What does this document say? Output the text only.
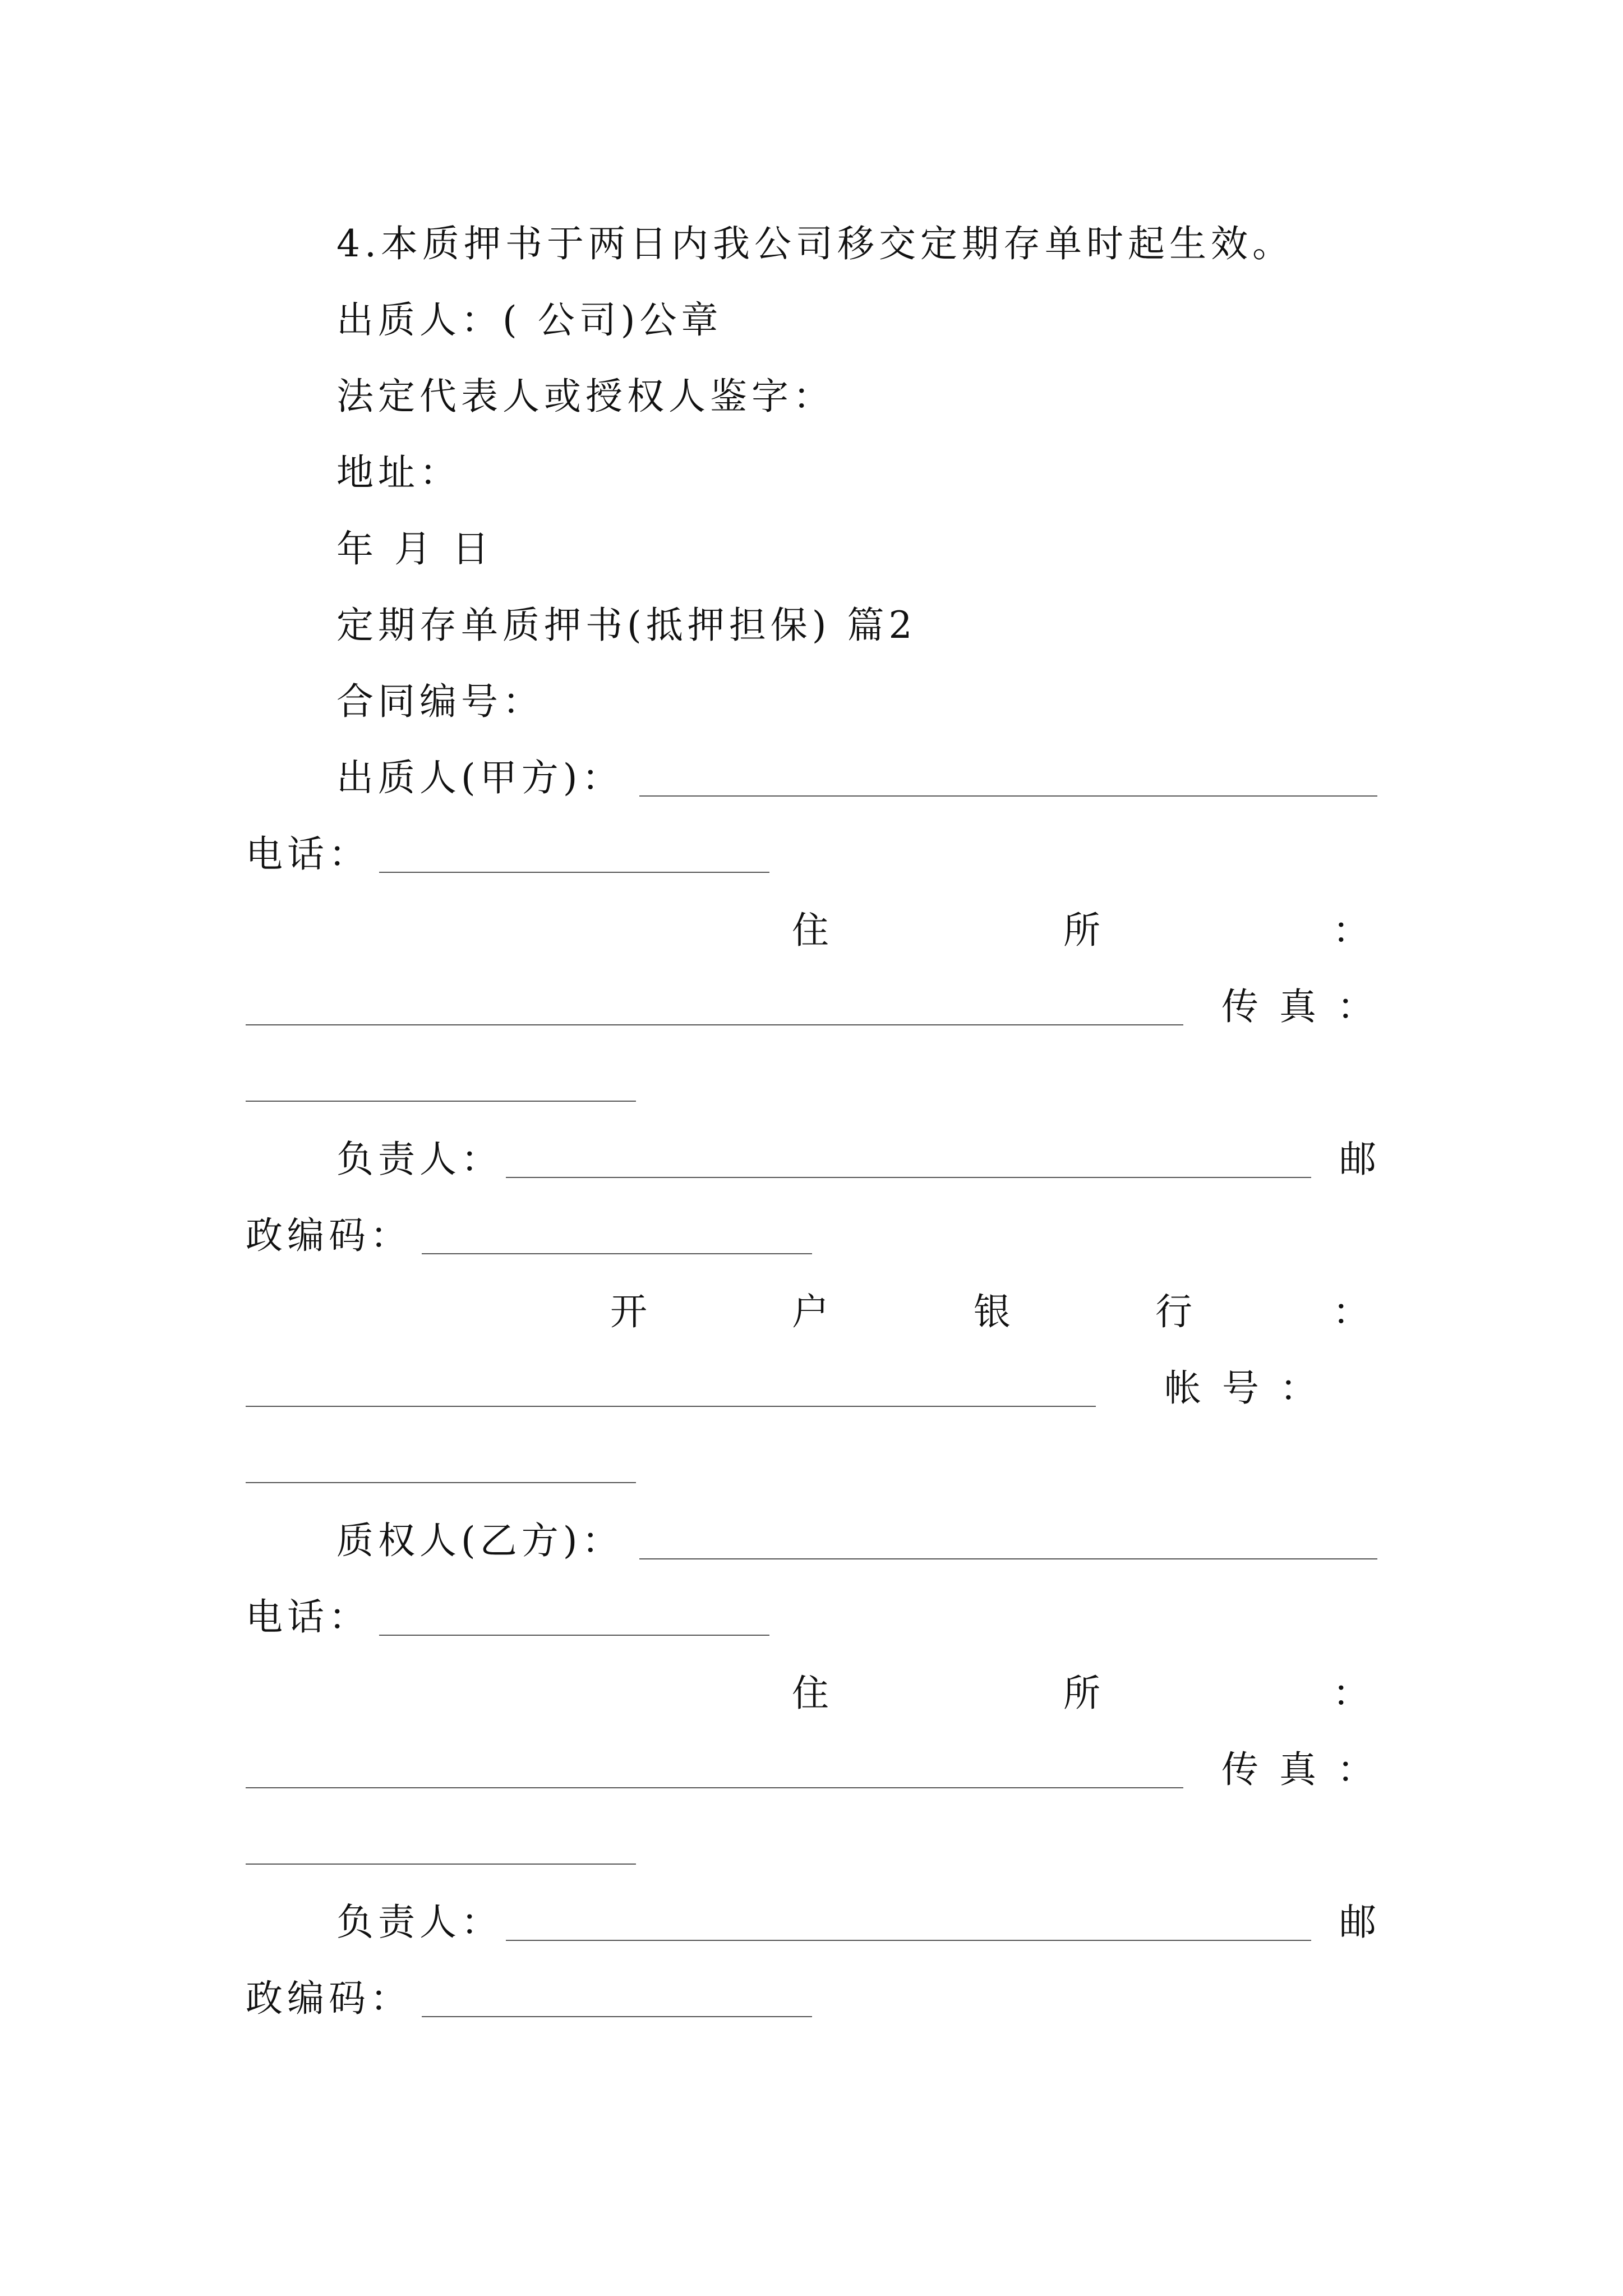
4.本质押书于两日内我公司移交定期存单时起生效。
出质人：( 公司)公章
法定代表人或授权人鉴字：
地址：
年 月 日
定期存单质押书(抵押担保) 篇2
合同编号：
出质人(甲方)：
电话：
住	所	：
传 真 ：
负责人：	邮
政编码：
开	户	银	行	：
帐 号 ：
质权人(乙方)：
电话：
住	所	：
传 真 ：
负责人：	邮
政编码：
